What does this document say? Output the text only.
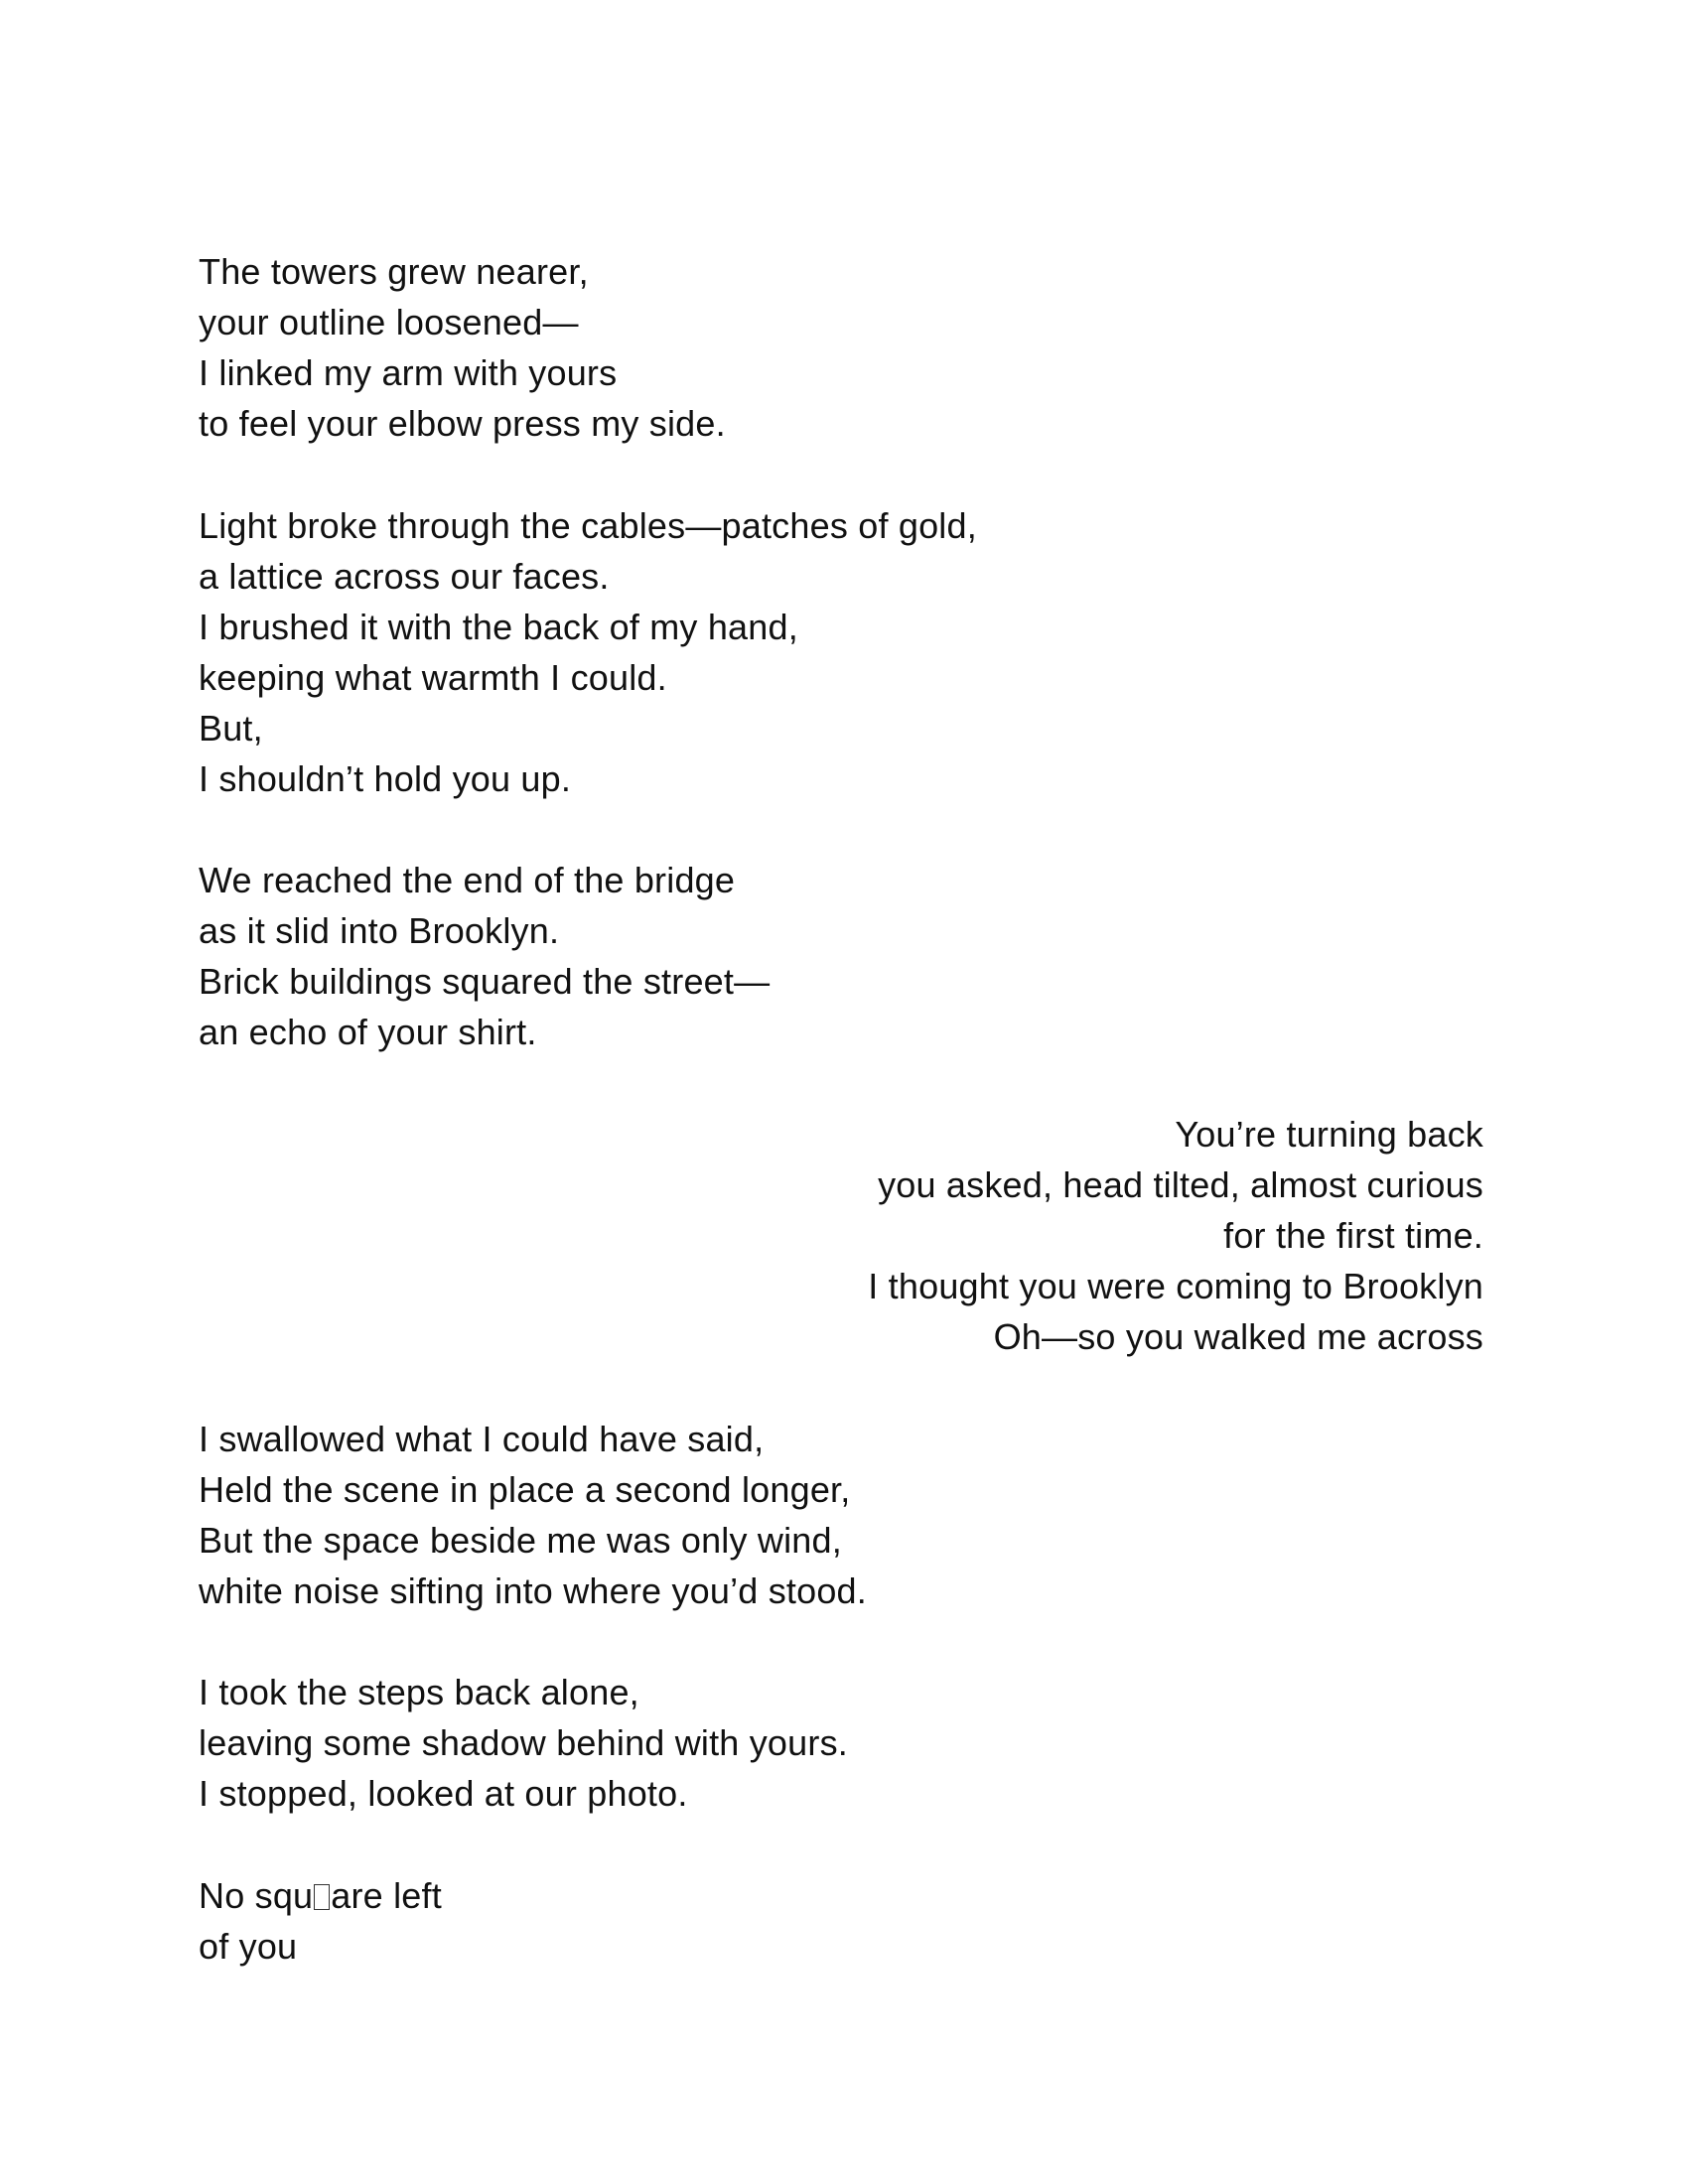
The towers grew nearer,
your outline loosened—
I linked my arm with yours
to feel your elbow press my side.
Light broke through the cables—patches of gold,
a lattice across our faces.
I brushed it with the back of my hand,
keeping what warmth I could.
But,
I shouldn’t hold you up.
We reached the end of the bridge
as it slid into Brooklyn.
Brick buildings squared the street—
an echo of your shirt.
You’re turning back
you asked, head tilted, almost curious
for the first time.
I thought you were coming to Brooklyn
Oh—so you walked me across
I swallowed what I could have said,
Held the scene in place a second longer,
But the space beside me was only wind,
white noise sifting into where you’d stood.
I took the steps back alone,
leaving some shadow behind with yours.
I stopped, looked at our photo.
No squ are left
of you
